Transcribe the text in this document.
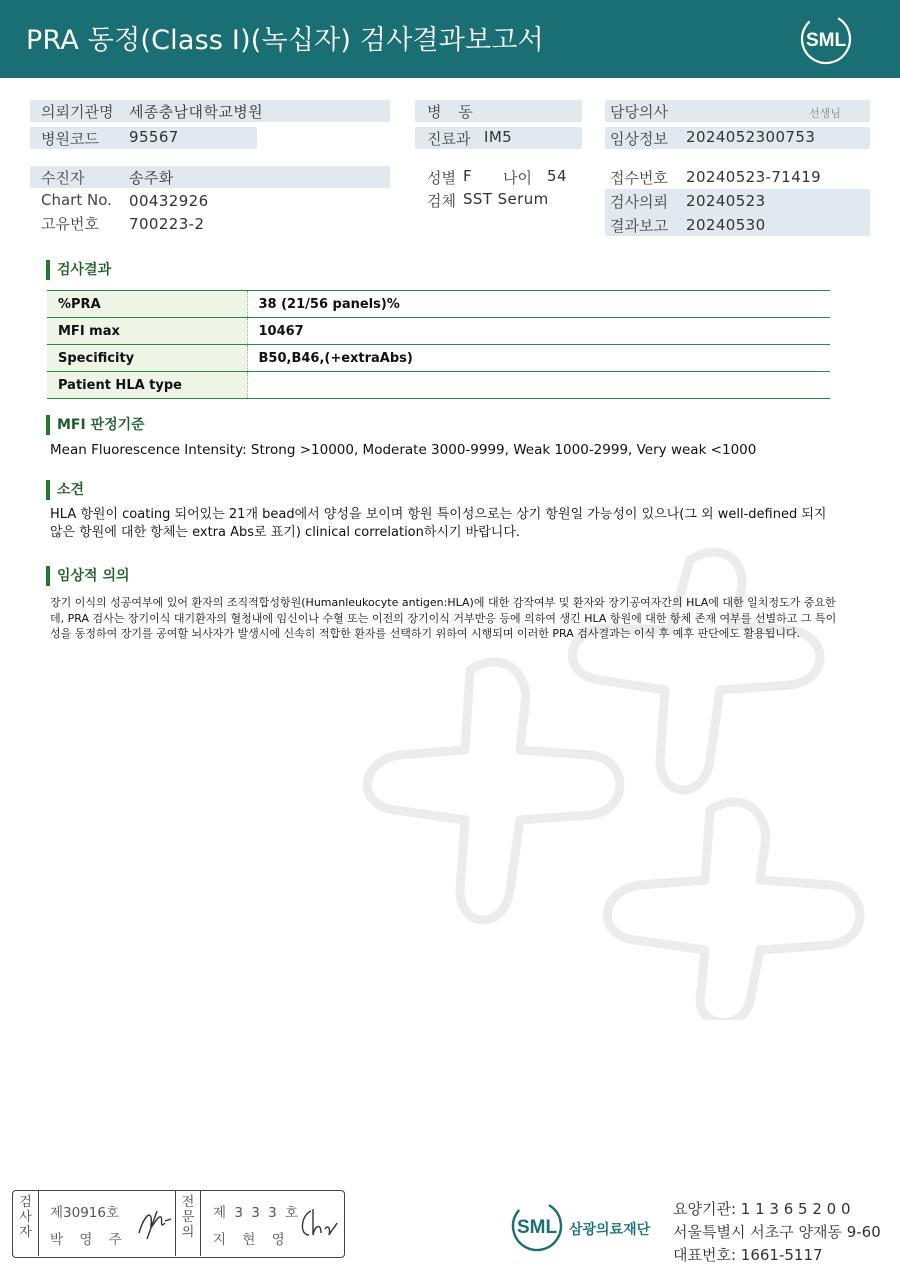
PRA 동정(Class I)(녹십자) 검사결과보고서	SML
의뢰기관명 세종충남대학교병원
병원코드 95567
수진자	송주화
Chart No. 00432926
고유번호 700223-2
병 동
진료과 IM5
성별 F 나이 54
검체 SST Serum
담당의사	선생님
임상정보 2024052300753
접수번호 20240523-71419
검사의뢰 20240523
결과보고 20240530
검사결과
%PRA	38 (21/56 panels)%
MFI max	10467
Specificity	B50,B46,(+extraAbs)
Patient HLA type	
MFI 판정기준
Mean Fluorescence Intensity: Strong >10000, Moderate 3000-9999, Weak 1000-2999, Very weak <1000
소견
HLA 항원이 coating 되어있는 21개 bead에서 양성을 보이며 항원 특이성으로는 상기 항원일 가능성이 있으나(그 외 well-defined 되지 않은 항원에 대한 항체는 extra Abs로 표기) clinical correlation하시기 바랍니다.
임상적 의의
장기 이식의 성공여부에 있어 환자의 조직적합성항원(Humanleukocyte antigen:HLA)에 대한 감작여부 및 환자와 장기공여자간의 HLA에 대한 일치정도가 중요한데, PRA 검사는 장기이식 대기환자의 혈청내에 임신이나 수혈 또는 이전의 장기이식 거부반응 등에 의하여 생긴 HLA 항원에 대한 항체 존재 여부를 선별하고 그 특이성을 동정하여 장기를 공여할 뇌사자가 발생시에 신속히 적합한 환자를 선택하기 위하여 시행되며 이러한 PRA 검사결과는 이식 후 예후 판단에도 활용됩니다.
검사자
제30916호
박 영 주
전문의
제 3 3 3 호
지 현 영
SML 삼광의료재단
요양기관: 1 1 3 6 5 2 0 0
서울특별시 서초구 양재동 9-60
대표번호: 1661-5117
